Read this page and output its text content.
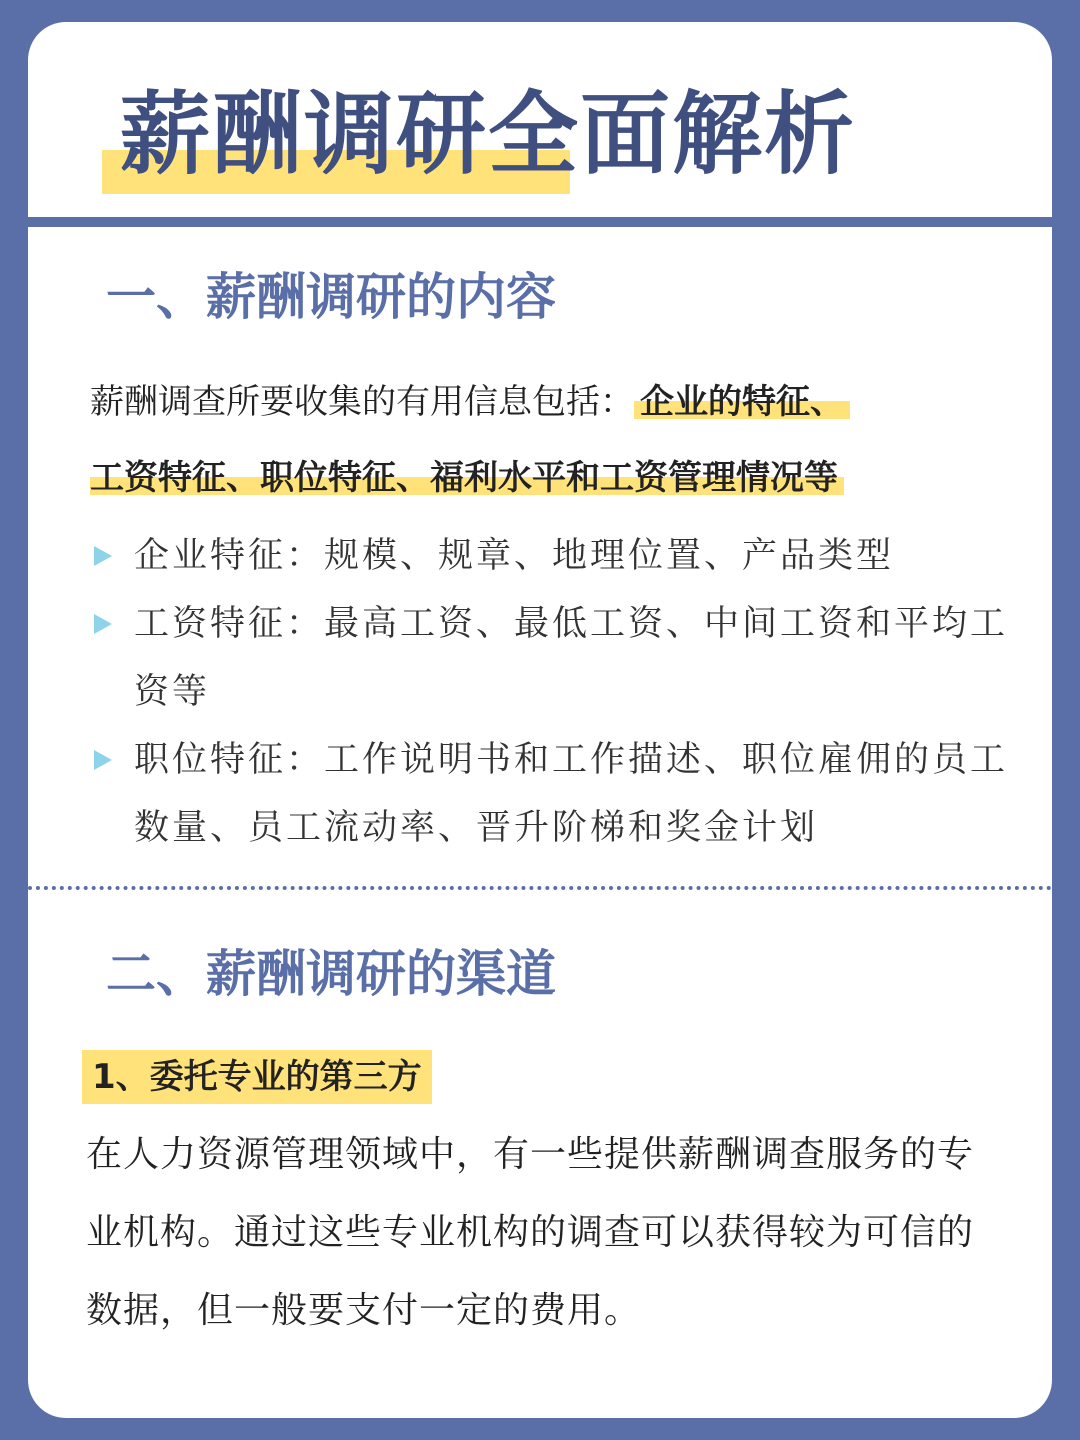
薪酬调研全面解析
一、薪酬调研的内容
薪酬调查所要收集的有用信息包括： 企业的特征、
工资特征、职位特征、福利水平和工资管理情况等
企业特征：规模、规章、地理位置、产品类型
工资特征：最高工资、最低工资、中间工资和平均工资等
职位特征：工作说明书和工作描述、职位雇佣的员工数量、员工流动率、晋升阶梯和奖金计划
二、薪酬调研的渠道
1、委托专业的第三方

在人力资源管理领域中，有一些提供薪酬调查服务的专业机构。通过这些专业机构的调查可以获得较为可信的数据，但一般要支付一定的费用。
